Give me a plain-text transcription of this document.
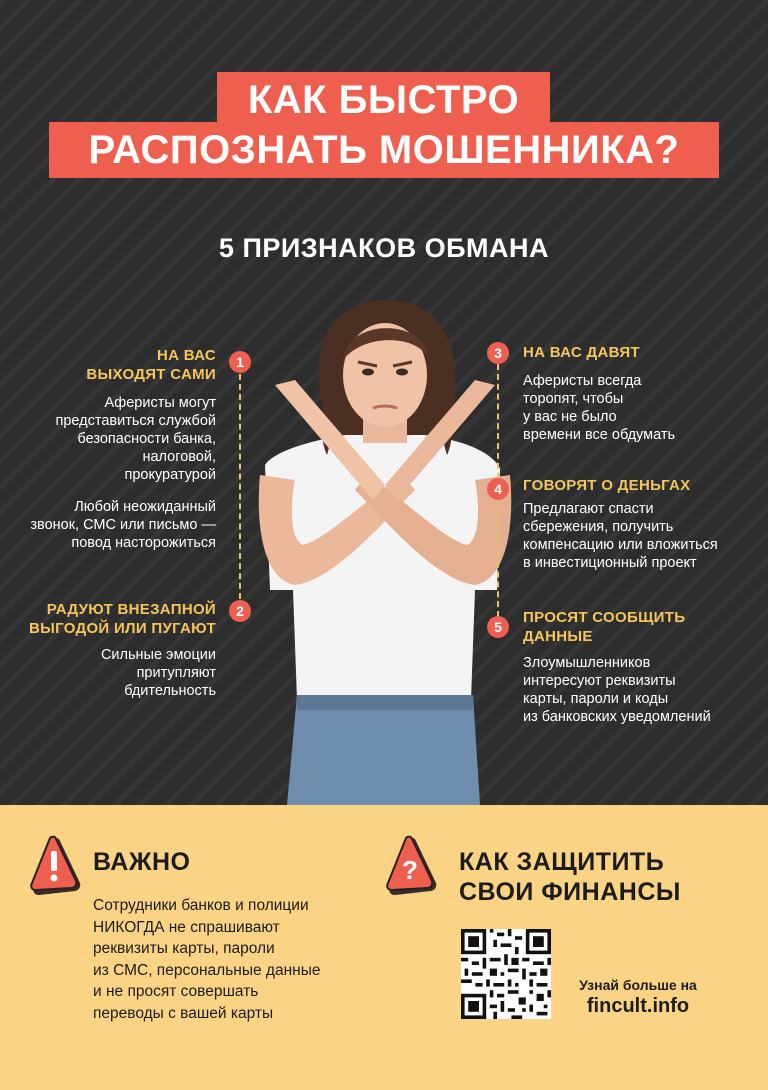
КАК БЫСТРО
РАСПОЗНАТЬ МОШЕННИКА?
5 ПРИЗНАКОВ ОБМАНА
1
НА ВАС
ВЫХОДЯТ САМИ
Аферисты могут
представиться службой
безопасности банка,
налоговой,
прокуратурой
Любой неожиданный
звонок, СМС или письмо —
повод насторожиться
2
РАДУЮТ ВНЕЗАПНОЙ
ВЫГОДОЙ ИЛИ ПУГАЮТ
Сильные эмоции
притупляют
бдительность
3	НА ВАС ДАВЯТ
Аферисты всегда
торопят, чтобы
у вас не было
времени все обдумать
4	ГОВОРЯТ О ДЕНЬГАХ
Предлагают спасти
сбережения, получить
компенсацию или вложиться
в инвестиционный проект
5
ПРОСЯТ СООБЩИТЬ
ДАННЫЕ
Злоумышленников
интересуют реквизиты
карты, пароли и коды
из банковских уведомлений
ВАЖНО
Сотрудники банков и полиции
НИКОГДА не спрашивают
реквизиты карты, пароли
из СМС, персональные данные
и не просят совершать
переводы с вашей карты
? КАК ЗАЩИТИТЬ
СВОИ ФИНАНСЫ
Узнай больше на
fincult.info
